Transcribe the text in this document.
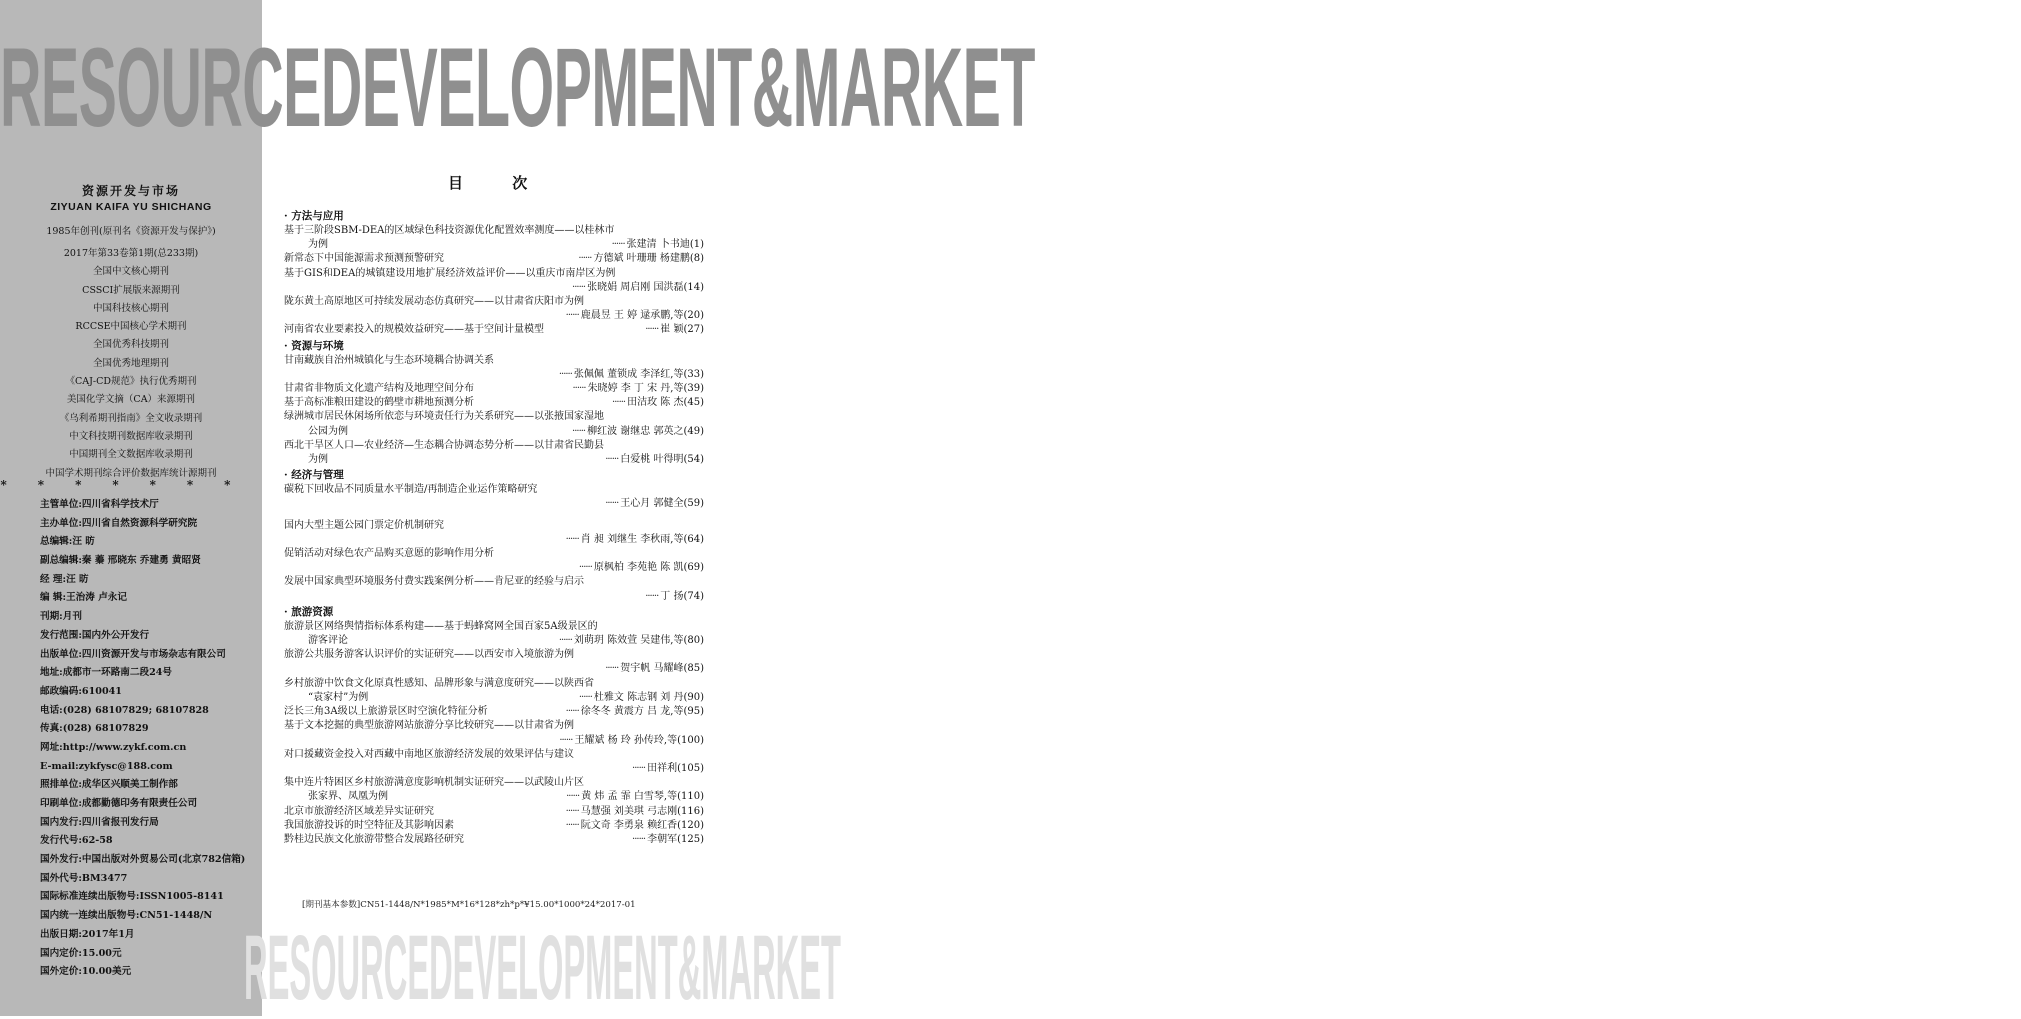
RESOURCEDEVELOPMENT&MARKET
资源开发与市场
ZIYUAN KAIFA YU SHICHANG
1985年创刊(原刊名《资源开发与保护》)
2017年第33卷第1期(总233期)
全国中文核心期刊
CSSCI扩展版来源期刊
中国科技核心期刊
RCCSE中国核心学术期刊
全国优秀科技期刊
全国优秀地理期刊
《CAJ-CD规范》执行优秀期刊
美国化学文摘（CA）来源期刊
《乌利希期刊指南》全文收录期刊
中文科技期刊数据库收录期刊
中国期刊全文数据库收录期刊
中国学术期刊综合评价数据库统计源期刊
*******
主管单位:四川省科学技术厅
主办单位:四川省自然资源科学研究院
总编辑:汪 昉
副总编辑:秦 蓁 邢晓东 乔建勇 黄昭贤
经 理:汪 昉
编 辑:王治涛 卢永记
刊期:月刊
发行范围:国内外公开发行
出版单位:四川资源开发与市场杂志有限公司
地址:成都市一环路南二段24号
邮政编码:610041
电话:(028) 68107829; 68107828
传真:(028) 68107829
网址:http://www.zykf.com.cn
E-mail:zykfysc@188.com
照排单位:成华区兴顺美工制作部
印刷单位:成都勤德印务有限责任公司
国内发行:四川省报刊发行局
发行代号:62-58
国外发行:中国出版对外贸易公司(北京782信箱)
国外代号:BM3477
国际标准连续出版物号:ISSN1005-8141
国内统一连续出版物号:CN51-1448/N
出版日期:2017年1月
国内定价:15.00元
国外定价:10.00美元
目 次
· 方法与应用
基于三阶段SBM-DEA的区域绿色科技资源优化配置效率测度——以桂林市
······ 张建清 卜书迪(1)
为例
······ 方德斌 叶珊珊 杨建鹏(8)
新常态下中国能源需求预测预警研究
基于GIS和DEA的城镇建设用地扩展经济效益评价——以重庆市南岸区为例
······ 张晓娟 周启刚 国洪磊(14)
陇东黄土高原地区可持续发展动态仿真研究——以甘肃省庆阳市为例
······ 鹿晨昱 王 婷 逯承鹏,等(20)
······ 崔 颖(27)
河南省农业要素投入的规模效益研究——基于空间计量模型
· 资源与环境
甘南藏族自治州城镇化与生态环境耦合协调关系
······ 张佩佩 董锁成 李泽红,等(33)
······ 朱晓婷 李 丁 宋 丹,等(39)
甘肃省非物质文化遗产结构及地理空间分布
······ 田洁玫 陈 杰(45)
基于高标准粮田建设的鹤壁市耕地预测分析
绿洲城市居民休闲场所依恋与环境责任行为关系研究——以张掖国家湿地
······ 柳红波 谢继忠 郭英之(49)
公园为例
西北干旱区人口—农业经济—生态耦合协调态势分析——以甘肃省民勤县
······ 白爱桃 叶得明(54)
为例
· 经济与管理
碳税下回收品不同质量水平制造/再制造企业运作策略研究
······ 王心月 郭健全(59)
国内大型主题公园门票定价机制研究
······ 肖 昶 刘继生 李秋雨,等(64)
促销活动对绿色农产品购买意愿的影响作用分析
······ 原枫柏 李苑艳 陈 凯(69)
发展中国家典型环境服务付费实践案例分析——肯尼亚的经验与启示
······ 丁 扬(74)
· 旅游资源
旅游景区网络舆情指标体系构建——基于蚂蜂窝网全国百家5A级景区的
······ 刘萌玥 陈效萱 吴建伟,等(80)
游客评论
旅游公共服务游客认识评价的实证研究——以西安市入境旅游为例
······ 贺宇帆 马耀峰(85)
乡村旅游中饮食文化原真性感知、品牌形象与满意度研究——以陕西省
······ 杜雅文 陈志钢 刘 丹(90)
“袁家村”为例
······ 徐冬冬 黄震方 吕 龙,等(95)
泛长三角3A级以上旅游景区时空演化特征分析
基于文本挖掘的典型旅游网站旅游分享比较研究——以甘肃省为例
······ 王耀斌 杨 玲 孙传玲,等(100)
对口援藏资金投入对西藏中南地区旅游经济发展的效果评估与建议
······ 田祥利(105)
集中连片特困区乡村旅游满意度影响机制实证研究——以武陵山片区
······ 黄 炜 孟 霏 白雪琴,等(110)
张家界、凤凰为例
······ 马慧强 刘美琪 弓志刚(116)
北京市旅游经济区域差异实证研究
······ 阮文奇 李勇泉 赖红香(120)
我国旅游投诉的时空特征及其影响因素
······ 李朝军(125)
黔桂边民族文化旅游带整合发展路径研究
[期刊基本参数]CN51-1448/N*1985*M*16*128*zh*p*¥15.00*1000*24*2017-01
RESOURCEDEVELOPMENT&MARKET
